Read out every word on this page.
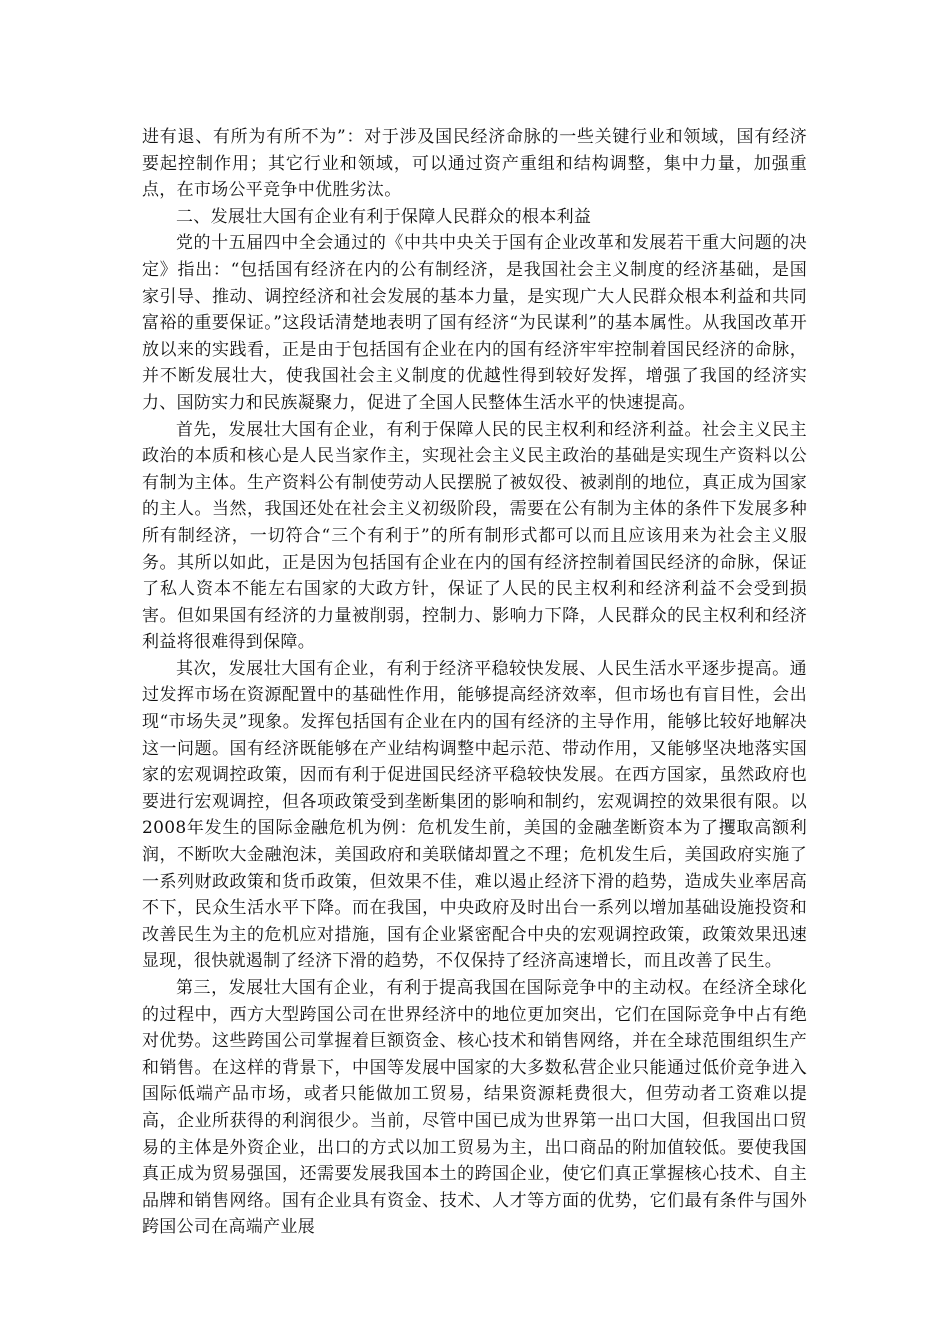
进有退、有所为有所不为”：对于涉及国民经济命脉的一些关键行业和领域，国有经济要起控制作用；其它行业和领域，可以通过资产重组和结构调整，集中力量，加强重点，在市场公平竞争中优胜劣汰。

二、发展壮大国有企业有利于保障人民群众的根本利益

党的十五届四中全会通过的《中共中央关于国有企业改革和发展若干重大问题的决定》指出：“包括国有经济在内的公有制经济，是我国社会主义制度的经济基础，是国家引导、推动、调控经济和社会发展的基本力量，是实现广大人民群众根本利益和共同富裕的重要保证。”这段话清楚地表明了国有经济“为民谋利”的基本属性。从我国改革开放以来的实践看，正是由于包括国有企业在内的国有经济牢牢控制着国民经济的命脉，并不断发展壮大，使我国社会主义制度的优越性得到较好发挥，增强了我国的经济实力、国防实力和民族凝聚力，促进了全国人民整体生活水平的快速提高。

首先，发展壮大国有企业，有利于保障人民的民主权利和经济利益。社会主义民主政治的本质和核心是人民当家作主，实现社会主义民主政治的基础是实现生产资料以公有制为主体。生产资料公有制使劳动人民摆脱了被奴役、被剥削的地位，真正成为国家的主人。当然，我国还处在社会主义初级阶段，需要在公有制为主体的条件下发展多种所有制经济，一切符合“三个有利于”的所有制形式都可以而且应该用来为社会主义服务。其所以如此，正是因为包括国有企业在内的国有经济控制着国民经济的命脉，保证了私人资本不能左右国家的大政方针，保证了人民的民主权利和经济利益不会受到损害。但如果国有经济的力量被削弱，控制力、影响力下降，人民群众的民主权利和经济利益将很难得到保障。

其次，发展壮大国有企业，有利于经济平稳较快发展、人民生活水平逐步提高。通过发挥市场在资源配置中的基础性作用，能够提高经济效率，但市场也有盲目性，会出现“市场失灵”现象。发挥包括国有企业在内的国有经济的主导作用，能够比较好地解决这一问题。国有经济既能够在产业结构调整中起示范、带动作用，又能够坚决地落实国家的宏观调控政策，因而有利于促进国民经济平稳较快发展。在西方国家，虽然政府也要进行宏观调控，但各项政策受到垄断集团的影响和制约，宏观调控的效果很有限。以2008年发生的国际金融危机为例：危机发生前，美国的金融垄断资本为了攫取高额利润，不断吹大金融泡沫，美国政府和美联储却置之不理；危机发生后，美国政府实施了一系列财政政策和货币政策，但效果不佳，难以遏止经济下滑的趋势，造成失业率居高不下，民众生活水平下降。而在我国，中央政府及时出台一系列以增加基础设施投资和改善民生为主的危机应对措施，国有企业紧密配合中央的宏观调控政策，政策效果迅速显现，很快就遏制了经济下滑的趋势，不仅保持了经济高速增长，而且改善了民生。

第三，发展壮大国有企业，有利于提高我国在国际竞争中的主动权。在经济全球化的过程中，西方大型跨国公司在世界经济中的地位更加突出，它们在国际竞争中占有绝对优势。这些跨国公司掌握着巨额资金、核心技术和销售网络，并在全球范围组织生产和销售。在这样的背景下，中国等发展中国家的大多数私营企业只能通过低价竞争进入国际低端产品市场，或者只能做加工贸易，结果资源耗费很大，但劳动者工资难以提高，企业所获得的利润很少。当前，尽管中国已成为世界第一出口大国，但我国出口贸易的主体是外资企业，出口的方式以加工贸易为主，出口商品的附加值较低。要使我国真正成为贸易强国，还需要发展我国本土的跨国企业，使它们真正掌握核心技术、自主品牌和销售网络。国有企业具有资金、技术、人才等方面的优势，它们最有条件与国外跨国公司在高端产业展
